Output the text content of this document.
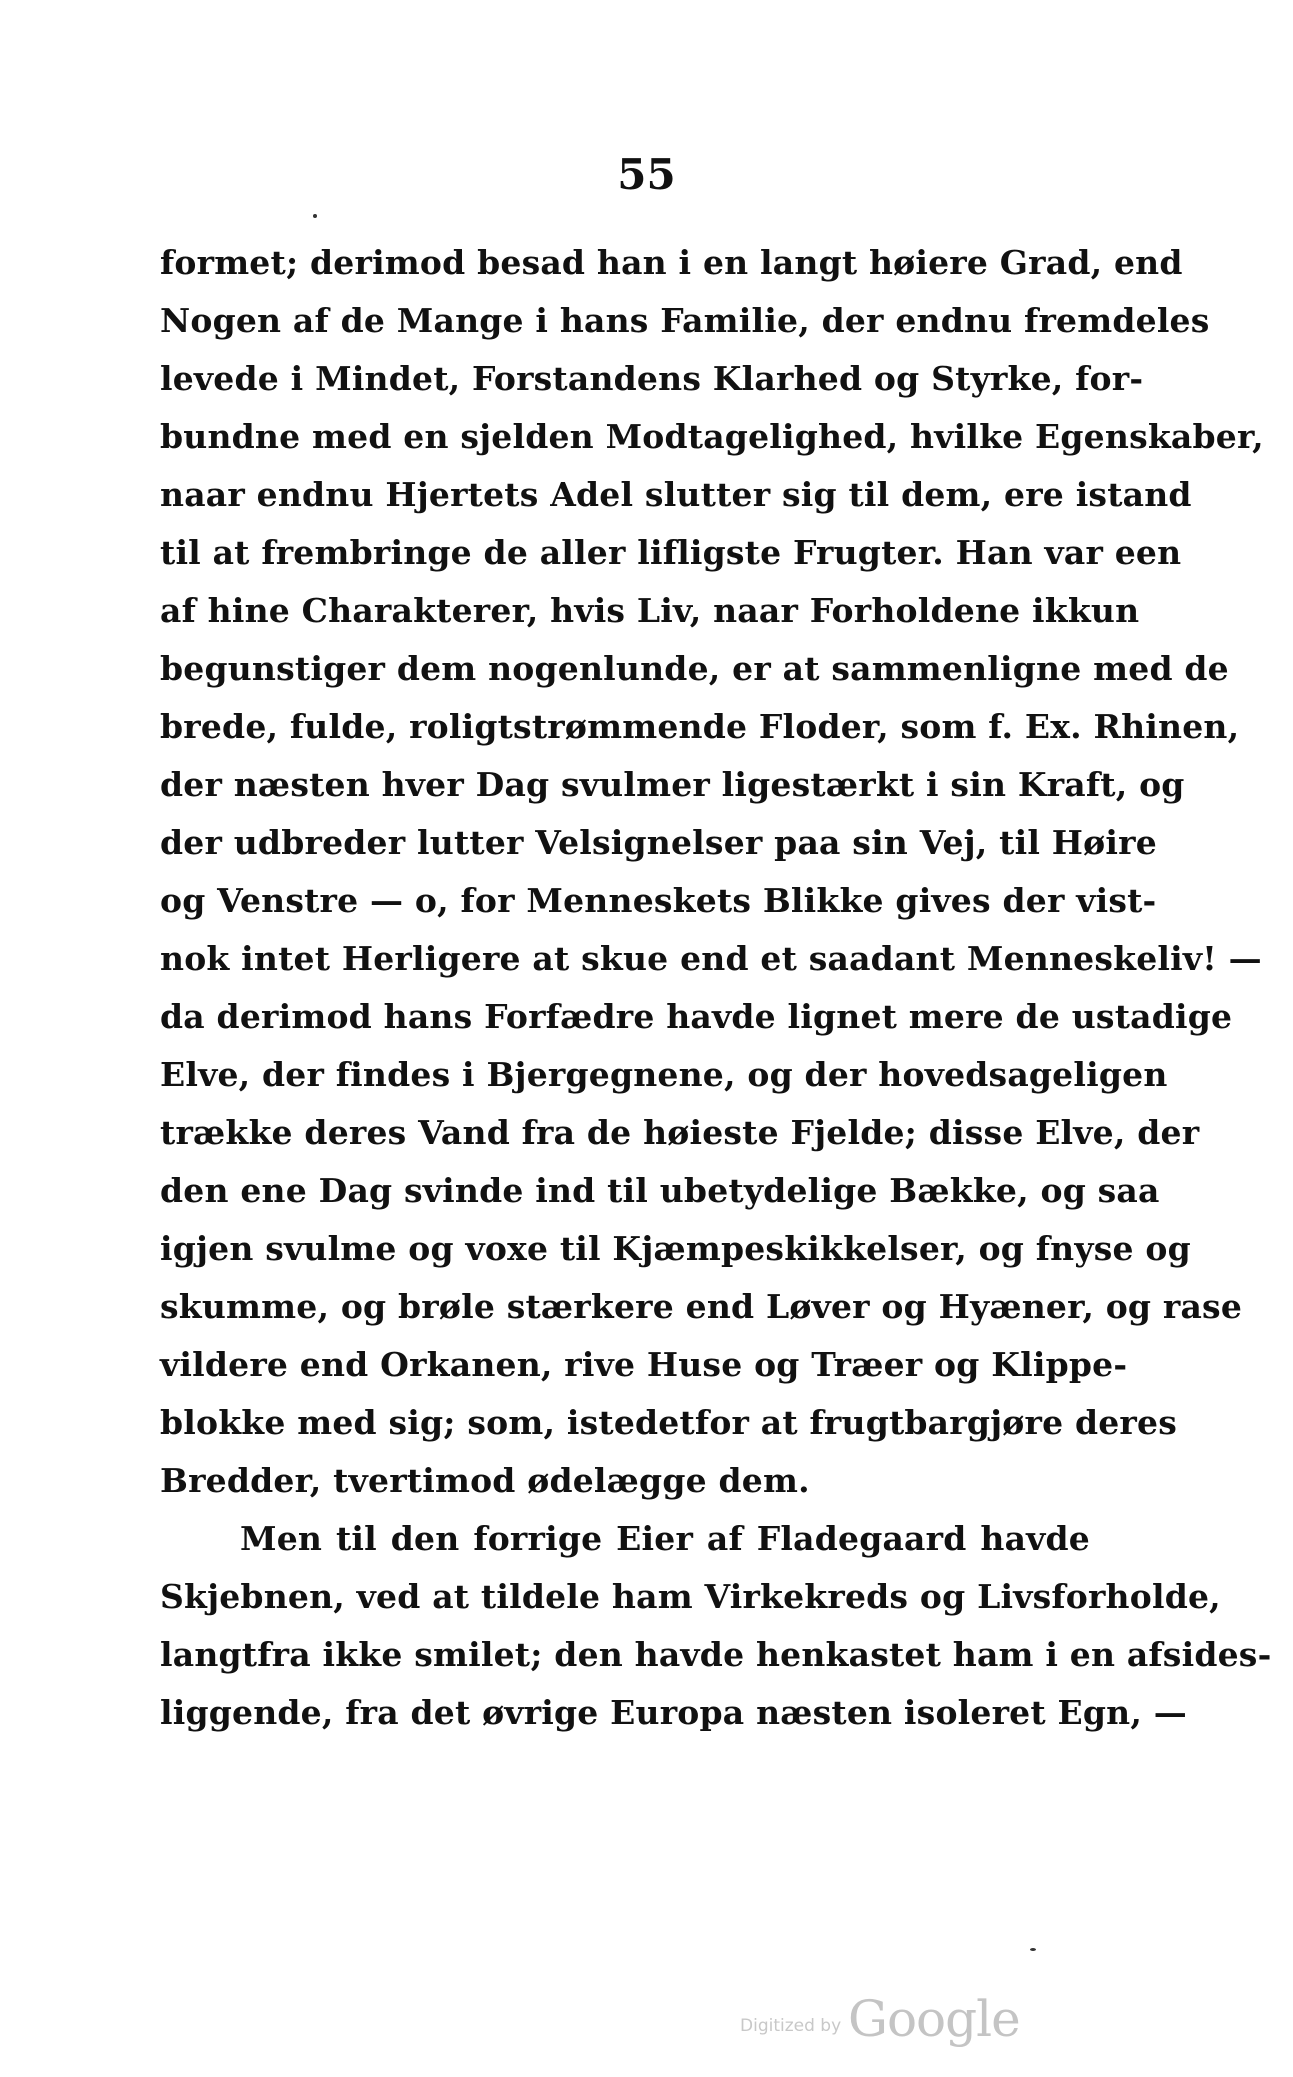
55
formet; derimod besad han i en langt høiere Grad, end
Nogen af de Mange i hans Familie, der endnu fremdeles
levede i Mindet, Forstandens Klarhed og Styrke, for-
bundne med en sjelden Modtagelighed, hvilke Egenskaber,
naar endnu Hjertets Adel slutter sig til dem, ere istand
til at frembringe de aller lifligste Frugter. Han var een
af hine Charakterer, hvis Liv, naar Forholdene ikkun
begunstiger dem nogenlunde, er at sammenligne med de
brede, fulde, roligtstrømmende Floder, som f. Ex. Rhinen,
der næsten hver Dag svulmer ligestærkt i sin Kraft, og
der udbreder lutter Velsignelser paa sin Vej, til Høire
og Venstre — o, for Menneskets Blikke gives der vist-
nok intet Herligere at skue end et saadant Menneskeliv! —
da derimod hans Forfædre havde lignet mere de ustadige
Elve, der findes i Bjergegnene, og der hovedsageligen
trække deres Vand fra de høieste Fjelde; disse Elve, der
den ene Dag svinde ind til ubetydelige Bække, og saa
igjen svulme og voxe til Kjæmpeskikkelser, og fnyse og
skumme, og brøle stærkere end Løver og Hyæner, og rase
vildere end Orkanen, rive Huse og Træer og Klippe-
blokke med sig; som, istedetfor at frugtbargjøre deres
Bredder, tvertimod ødelægge dem.
Men til den forrige Eier af Fladegaard havde
Skjebnen, ved at tildele ham Virkekreds og Livsforholde,
langtfra ikke smilet; den havde henkastet ham i en afsides-
liggende, fra det øvrige Europa næsten isoleret Egn, —
Digitized by Google
